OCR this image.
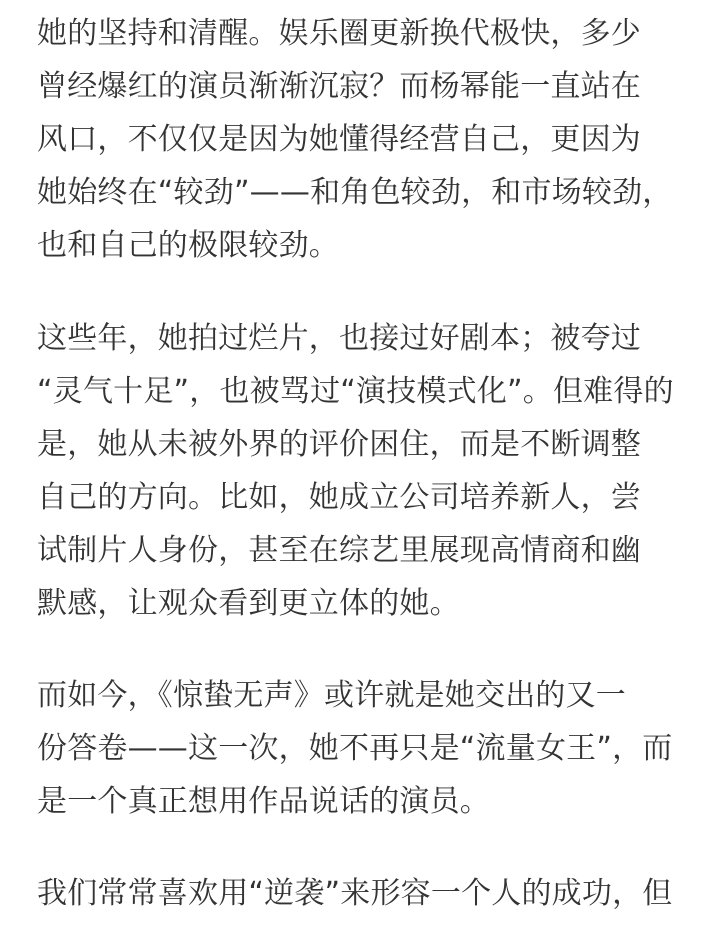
她的坚持和清醒。娱乐圈更新换代极快，多少
曾经爆红的演员渐渐沉寂？而杨幂能一直站在
风口，不仅仅是因为她懂得经营自己，更因为
她始终在“较劲”——和角色较劲，和市场较劲，
也和自己的极限较劲。

这些年，她拍过烂片，也接过好剧本；被夸过
“灵气十足”，也被骂过“演技模式化”。但难得的
是，她从未被外界的评价困住，而是不断调整
自己的方向。比如，她成立公司培养新人，尝
试制片人身份，甚至在综艺里展现高情商和幽
默感，让观众看到更立体的她。

而如今，《惊蛰无声》或许就是她交出的又一
份答卷——这一次，她不再只是“流量女王”，而
是一个真正想用作品说话的演员。

我们常常喜欢用“逆袭”来形容一个人的成功，但
